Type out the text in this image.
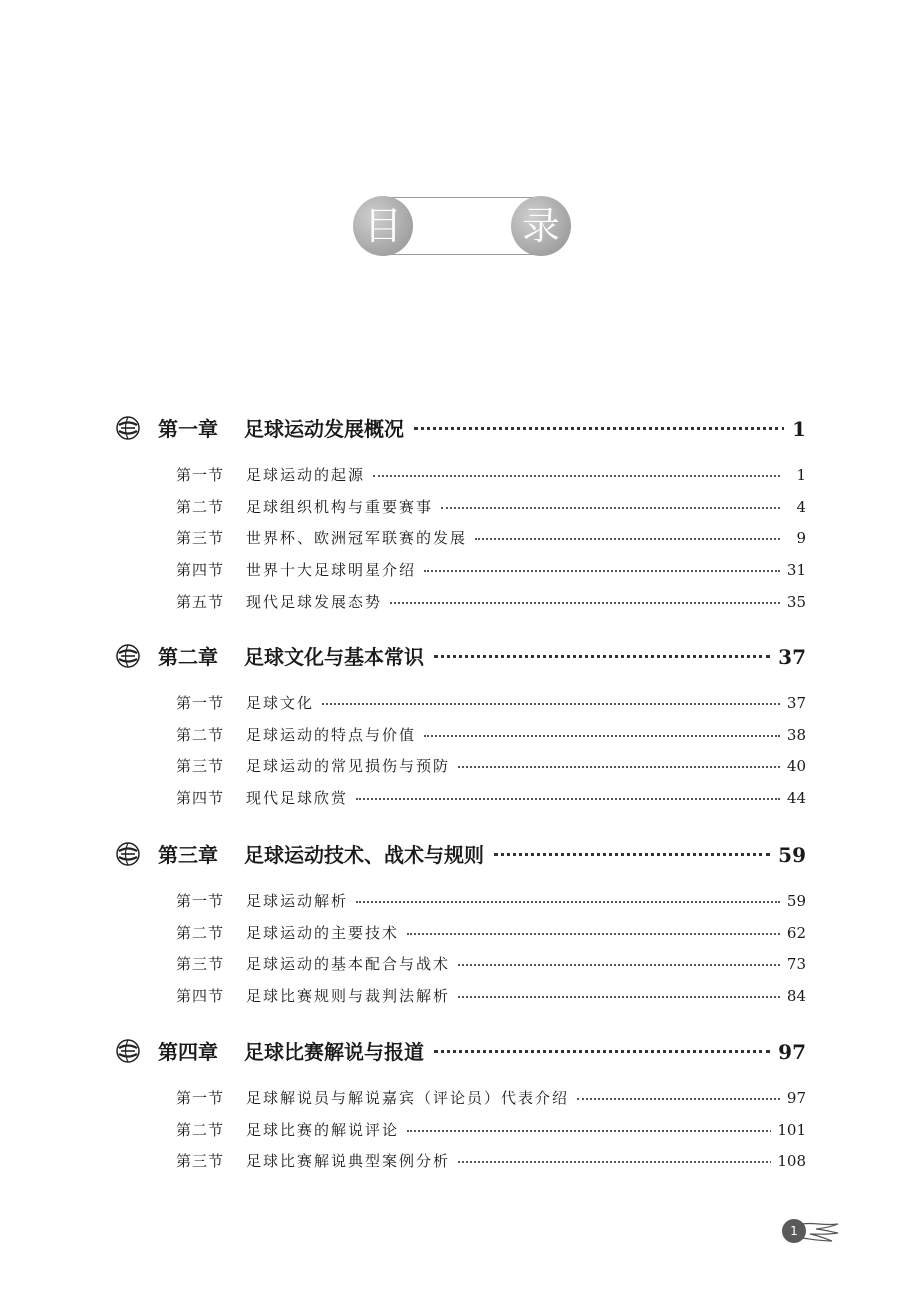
目	录
第一章 足球运动发展概况	1
第一节 足球运动的起源	1
第二节 足球组织机构与重要赛事	4
第三节 世界杯、欧洲冠军联赛的发展	9
第四节 世界十大足球明星介绍	31
第五节 现代足球发展态势	35
第二章 足球文化与基本常识	37
第一节 足球文化	37
第二节 足球运动的特点与价值	38
第三节 足球运动的常见损伤与预防	40
第四节 现代足球欣赏	44
第三章 足球运动技术、战术与规则	59
第一节 足球运动解析	59
第二节 足球运动的主要技术	62
第三节 足球运动的基本配合与战术	73
第四节 足球比赛规则与裁判法解析	84
第四章 足球比赛解说与报道	97
第一节 足球解说员与解说嘉宾（评论员）代表介绍	97
第二节 足球比赛的解说评论	101
第三节 足球比赛解说典型案例分析	108
1
